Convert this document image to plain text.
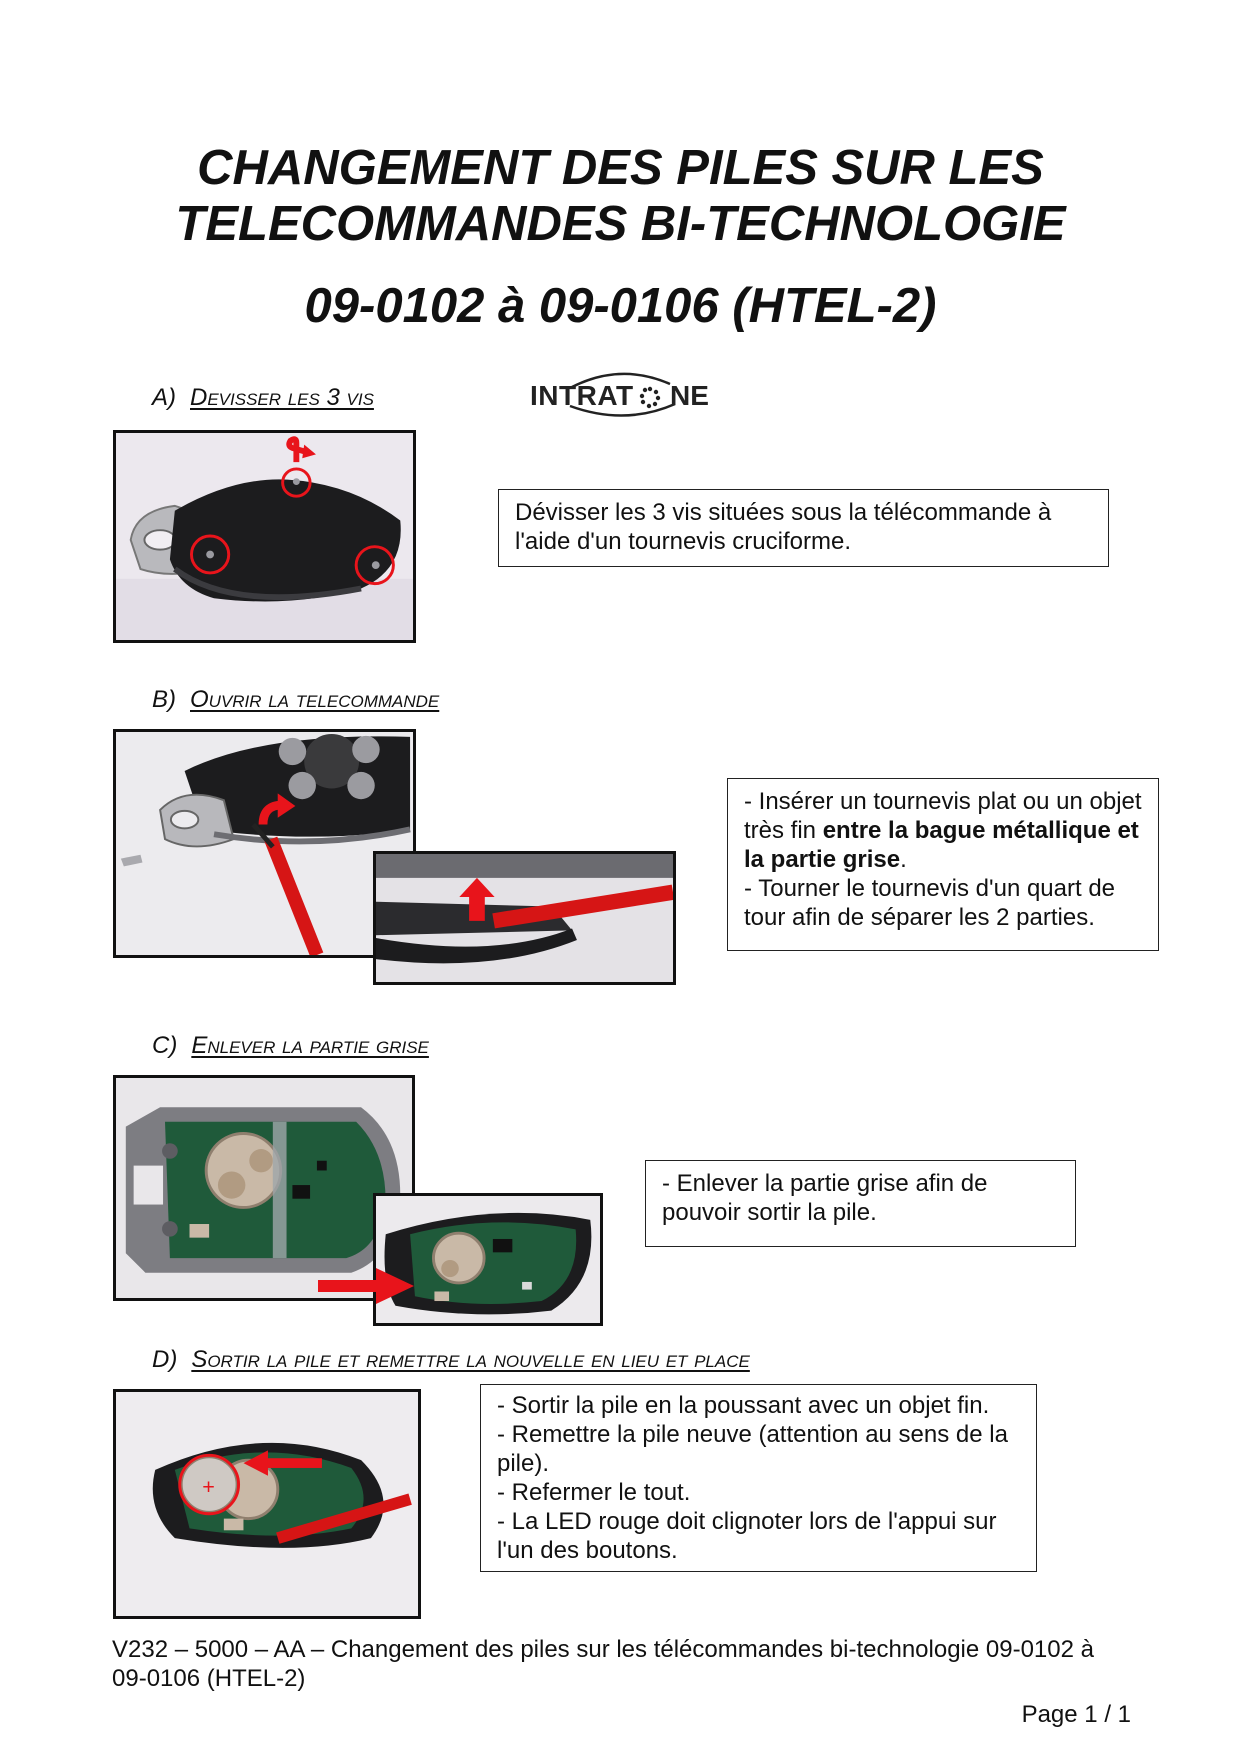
CHANGEMENT DES PILES SUR LES
TELECOMMANDES BI-TECHNOLOGIE
09-0102 à 09-0106 (HTEL-2)
INTRAT NE
A) Devisser les 3 vis

Dévisser les 3 vis situées sous la télécommande à l'aide d'un tournevis cruciforme.

B) Ouvrir la telecommande

- Insérer un tournevis plat ou un objet très fin entre la bague métallique et la partie grise.

- Tourner le tournevis d'un quart de tour afin de séparer les 2 parties.

C) Enlever la partie grise

- Enlever la partie grise afin de pouvoir sortir la pile.

D) Sortir la pile et remettre la nouvelle en lieu et place
+

- Sortir la pile en la poussant avec un objet fin.

- Remettre la pile neuve (attention au sens de la pile).

- Refermer le tout.

- La LED rouge doit clignoter lors de l'appui sur l'un des boutons.

V232 – 5000 – AA – Changement des piles sur les télécommandes bi-technologie 09-0102 à 09-0106 (HTEL-2)
Page 1 / 1
